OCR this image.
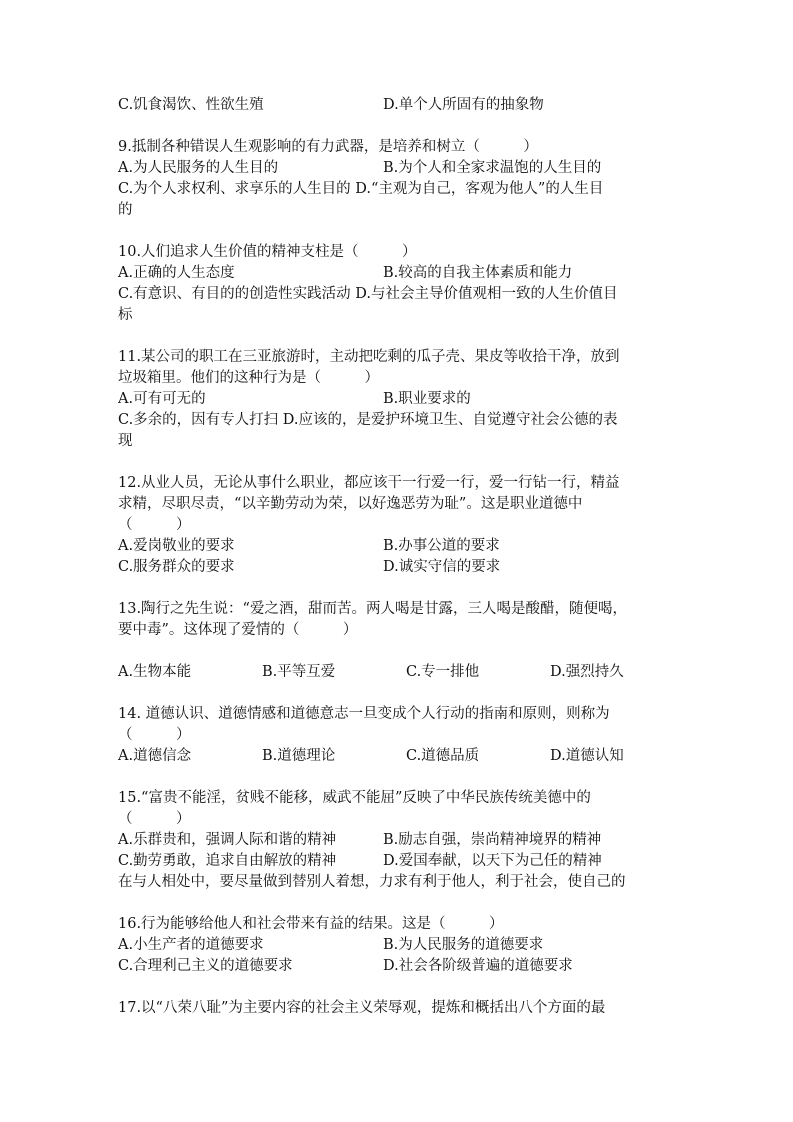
C.饥食渴饮、性欲生殖	D.单个人所固有的抽象物
9.抵制各种错误人生观影响的有力武器，是培养和树立（　　　）
A.为人民服务的人生目的	B.为个人和全家求温饱的人生目的
C.为个人求权利、求享乐的人生目的 D.“主观为自己，客观为他人”的人生目
的
10.人们追求人生价值的精神支柱是（　　　）
A.正确的人生态度	B.较高的自我主体素质和能力
C.有意识、有目的的创造性实践活动 D.与社会主导价值观相一致的人生价值目
标
11.某公司的职工在三亚旅游时，主动把吃剩的瓜子壳、果皮等收拾干净，放到
垃圾箱里。他们的这种行为是（　　　）
A.可有可无的	B.职业要求的
C.多余的，因有专人打扫 D.应该的，是爱护环境卫生、自觉遵守社会公德的表
现
12.从业人员，无论从事什么职业，都应该干一行爱一行，爱一行钻一行，精益
求精，尽职尽责，“以辛勤劳动为荣，以好逸恶劳为耻”。这是职业道德中
（　　　）
A.爱岗敬业的要求	B.办事公道的要求
C.服务群众的要求	D.诚实守信的要求
13.陶行之先生说：“爱之酒，甜而苦。两人喝是甘露，三人喝是酸醋，随便喝，
要中毒”。这体现了爱情的（　　　）
A.生物本能	B.平等互爱	C.专一排他	D.强烈持久
14. 道德认识、道德情感和道德意志一旦变成个人行动的指南和原则，则称为
（　　　）
A.道德信念	B.道德理论	C.道德品质	D.道德认知
15.“富贵不能淫，贫贱不能移，威武不能屈”反映了中华民族传统美德中的
（　　　）
A.乐群贵和，强调人际和谐的精神	B.励志自强，崇尚精神境界的精神
C.勤劳勇敢，追求自由解放的精神	D.爱国奉献，以天下为己任的精神
在与人相处中，要尽量做到替别人着想，力求有利于他人，利于社会，使自己的
16.行为能够给他人和社会带来有益的结果。这是（　　　）
A.小生产者的道德要求	B.为人民服务的道德要求
C.合理利己主义的道德要求	D.社会各阶级普遍的道德要求
17.以“八荣八耻”为主要内容的社会主义荣辱观，提炼和概括出八个方面的最
